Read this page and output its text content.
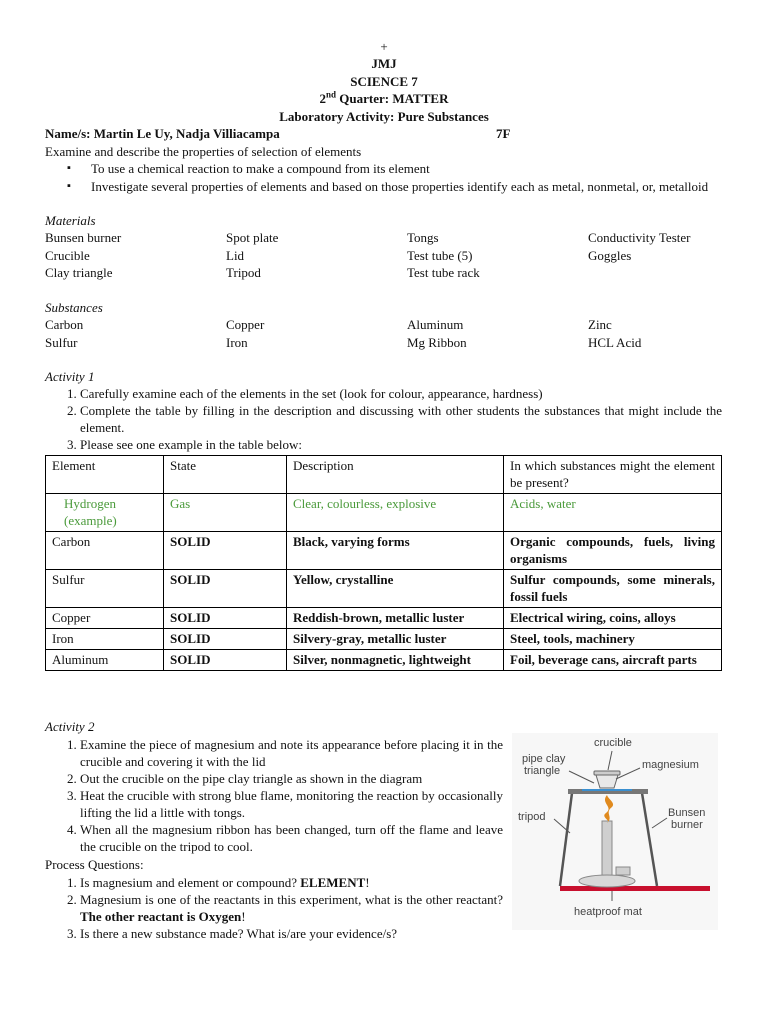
+
JMJ
SCIENCE 7
2nd Quarter: MATTER
Laboratory Activity: Pure Substances
Name/s: Martin Le Uy, Nadja Villiacampa	7F
Examine and describe the properties of selection of elements
▪ To use a chemical reaction to make a compound from its element
▪ Investigate several properties of elements and based on those properties identify each as metal, nonmetal, or, metalloid
Materials
Bunsen burner	Spot plate	Tongs	Conductivity Tester
Crucible	Lid	Test tube (5)	Goggles
Clay triangle	Tripod	Test tube rack
Substances
Carbon	Copper	Aluminum	Zinc
Sulfur	Iron	Mg Ribbon	HCL Acid
Activity 1
1. Carefully examine each of the elements in the set (look for colour, appearance, hardness)
2. Complete the table by filling in the description and discussing with other students the substances that might include the element.
3. Please see one example in the table below:
Element	State	Description	In which substances might the element be present?
Hydrogen (example)	Gas	Clear, colourless, explosive	Acids, water
Carbon	SOLID	Black, varying forms	Organic compounds, fuels, living organisms
Sulfur	SOLID	Yellow, crystalline	Sulfur compounds, some minerals, fossil fuels
Copper	SOLID	Reddish-brown, metallic luster	Electrical wiring, coins, alloys
Iron	SOLID	Silvery-gray, metallic luster	Steel, tools, machinery
Aluminum	SOLID	Silver, nonmagnetic, lightweight	Foil, beverage cans, aircraft parts
Activity 2
1. Examine the piece of magnesium and note its appearance before placing it in the crucible and covering it with the lid
2. Out the crucible on the pipe clay triangle as shown in the diagram
3. Heat the crucible with strong blue flame, monitoring the reaction by occasionally lifting the lid a little with tongs.
4. When all the magnesium ribbon has been changed, turn off the flame and leave the crucible on the tripod to cool.
Process Questions:
1. Is magnesium and element or compound? ELEMENT!
2. Magnesium is one of the reactants in this experiment, what is the other reactant? The other reactant is Oxygen!
3. Is there a new substance made? What is/are your evidence/s?
crucible
pipe clay
triangle	magnesium
tripod	Bunsen
burner
heatproof mat
